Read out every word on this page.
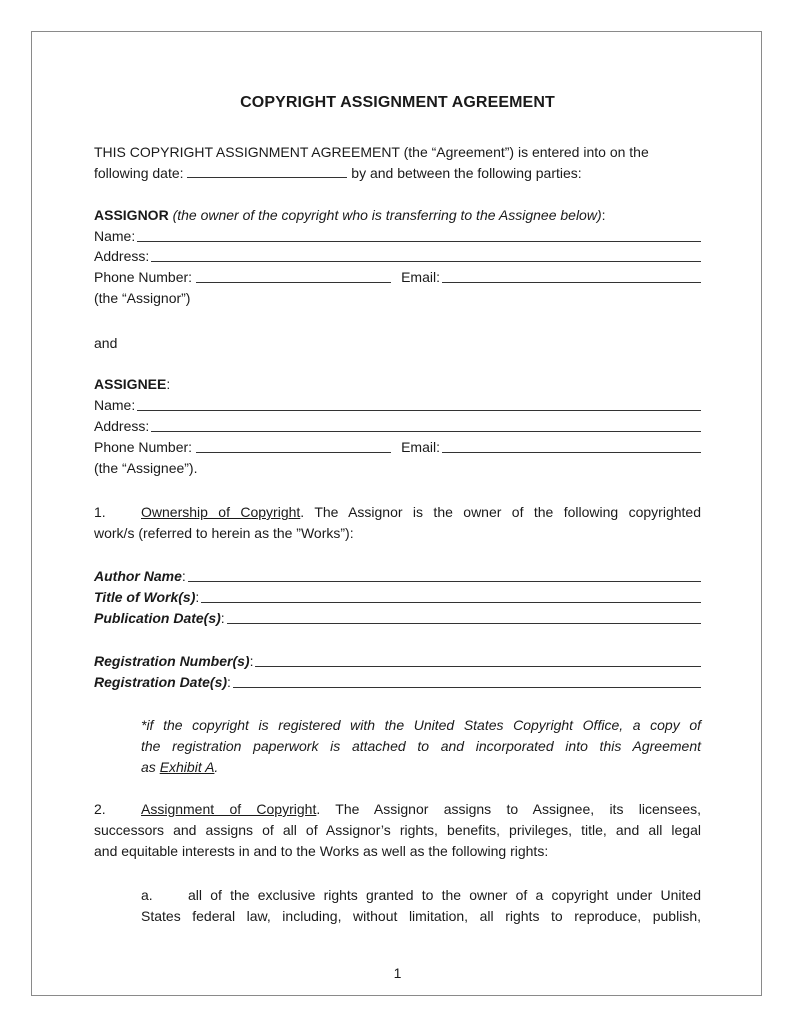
COPYRIGHT ASSIGNMENT AGREEMENT
THIS COPYRIGHT ASSIGNMENT AGREEMENT (the “Agreement”) is entered into on the
following date:	by and between the following parties:
ASSIGNOR (the owner of the copyright who is transferring to the Assignee below):
Name:
Address:
Phone Number:	Email:
(the “Assignor”)
and
ASSIGNEE:
Name:
Address:
Phone Number:	Email:
(the “Assignee”).
1.	Ownership of Copyright. The Assignor is the owner of the following copyrighted
work/s (referred to herein as the ”Works”):
Author Name :
Title of Work(s) :
Publication Date(s) :
Registration Number(s) :
Registration Date(s) :
*if the copyright is registered with the United States Copyright Office, a copy of
the registration paperwork is attached to and incorporated into this Agreement
as Exhibit A.
2.	Assignment of Copyright. The Assignor assigns to Assignee, its licensees,
successors and assigns of all of Assignor’s rights, benefits, privileges, title, and all legal
and equitable interests in and to the Works as well as the following rights:
a.	all of the exclusive rights granted to the owner of a copyright under United
States federal law, including, without limitation, all rights to reproduce, publish,
1
